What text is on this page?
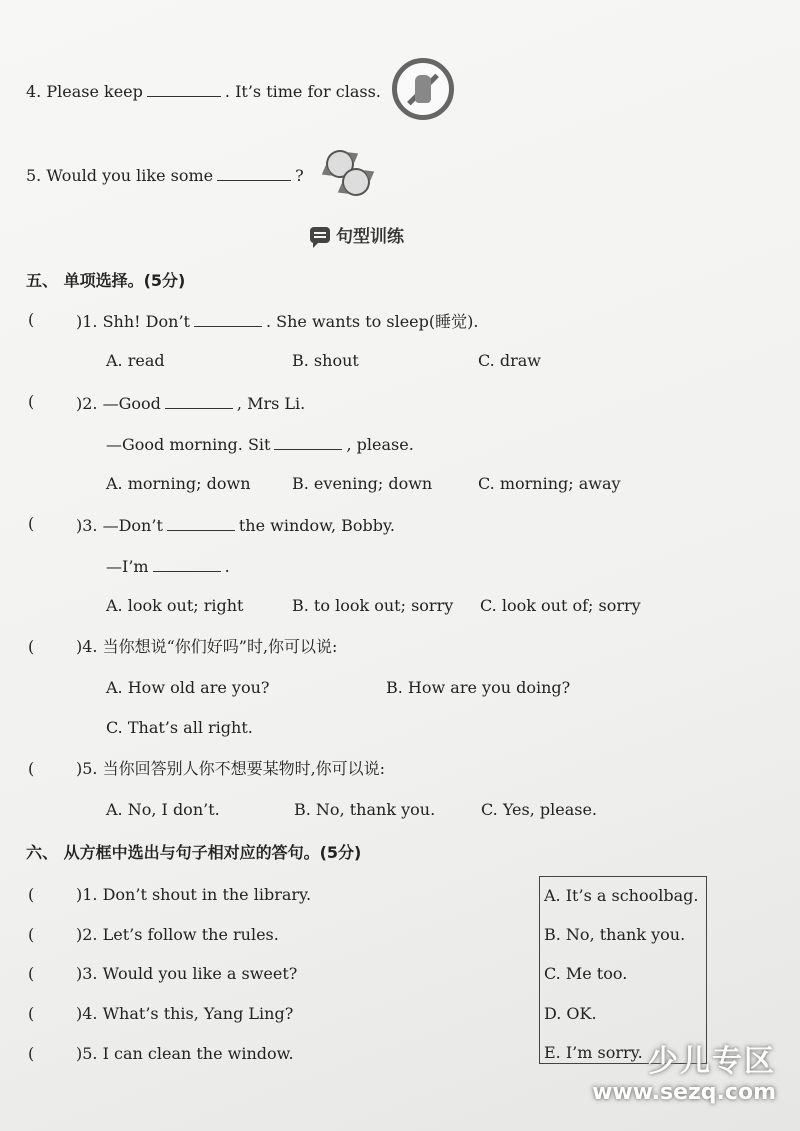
4. Please keep	. It’s time for class.
5. Would you like some	?
句型训练
五、 单项选择。(5分)
(	)1. Shh! Don’t	. She wants to sleep(睡觉).
A. read	B. shout	C. draw
(	)2. —Good	, Mrs Li.
—Good morning. Sit	, please.
A. morning; down	B. evening; down	C. morning; away
(	)3. —Don’t	the window, Bobby.
—I’m	.
A. look out; right	B. to look out; sorry C. look out of; sorry
(	)4. 当你想说“你们好吗”时,你可以说:
A. How old are you?	B. How are you doing?
C. That’s all right.
(	)5. 当你回答别人你不想要某物时,你可以说:
A. No, I don’t.	B. No, thank you.	C. Yes, please.
六、 从方框中选出与句子相对应的答句。(5分)
(	)1. Don’t shout in the library.
(	)2. Let’s follow the rules.
(	)3. Would you like a sweet?
(	)4. What’s this, Yang Ling?
(	)5. I can clean the window.
A. It’s a schoolbag.
B. No, thank you.
C. Me too.
D. OK.
E. I’m sorry. 少儿专区
www.sezq.com
